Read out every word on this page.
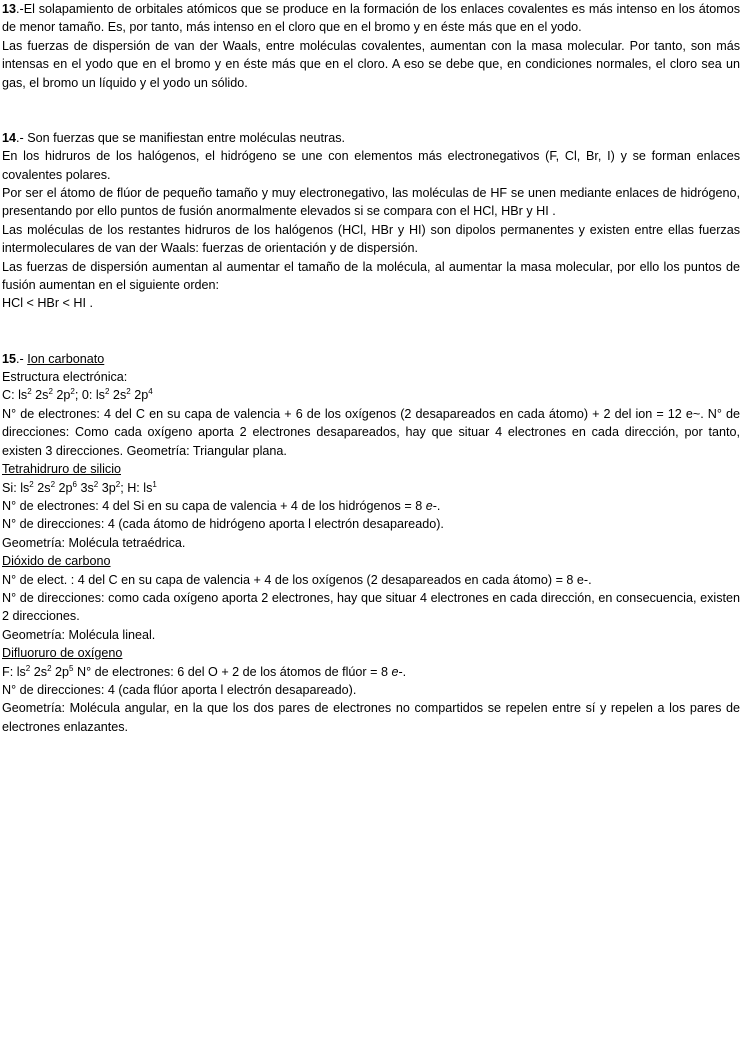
13.-El solapamiento de orbitales atómicos que se produce en la formación de los enlaces covalentes es más intenso en los átomos de menor tamaño. Es, por tanto, más intenso en el cloro que en el bromo y en éste más que en el yodo.

Las fuerzas de dispersión de van der Waals, entre moléculas covalentes, aumentan con la masa molecular. Por tanto, son más intensas en el yodo que en el bromo y en éste más que en el cloro. A eso se debe que, en condiciones normales, el cloro sea un gas, el bromo un líquido y el yodo un sólido.

14.- Son fuerzas que se manifiestan entre moléculas neutras.

En los hidruros de los halógenos, el hidrógeno se une con elementos más electronegativos (F, Cl, Br, I) y se forman enlaces covalentes polares.

Por ser el átomo de flúor de pequeño tamaño y muy electronegativo, las moléculas de HF se unen mediante enlaces de hidrógeno, presentando por ello puntos de fusión anormalmente elevados si se compara con el HCl, HBr y HI .

Las moléculas de los restantes hidruros de los halógenos (HCl, HBr y HI) son dipolos permanentes y existen entre ellas fuerzas intermoleculares de van der Waals: fuerzas de orientación y de dispersión.

Las fuerzas de dispersión aumentan al aumentar el tamaño de la molécula, al aumentar la masa molecular, por ello los puntos de fusión aumentan en el siguiente orden:

HCl < HBr < HI .

15.- Ion carbonato

Estructura electrónica:

C: $ls^2$ $2s^2$ $2p^2$; 0: $ls^2$ $2s^2$ $2p^4$

N° de electrones: 4 del C en su capa de valencia + 6 de los oxígenos (2 desapareados en cada átomo) + 2 del ion = 12 e~. N° de direcciones: Como cada oxígeno aporta 2 electrones desapareados, hay que situar 4 electrones en cada dirección, por tanto, existen 3 direcciones. Geometría: Triangular plana.

Tetrahidruro de silicio

Si: $ls^2$ $2s^2$ $2p^6$ $3s^2$ $3p^2$; H: $ls^1$

N° de electrones: 4 del Si en su capa de valencia + 4 de los hidrógenos = 8 e-.

N° de direcciones: 4 (cada átomo de hidrógeno aporta l electrón desapareado).

Geometría: Molécula tetraédrica.

Dióxido de carbono

N° de elect. : 4 del C en su capa de valencia + 4 de los oxígenos (2 desapareados en cada átomo) = 8 e-.

N° de direcciones: como cada oxígeno aporta 2 electrones, hay que situar 4 electrones en cada dirección, en consecuencia, existen 2 direcciones.

Geometría: Molécula lineal.

Difluoruro de oxígeno

F: $ls^2$ $2s^2$ $2p^5$ N° de electrones: 6 del O + 2 de los átomos de flúor = 8 e-.

N° de direcciones: 4 (cada flúor aporta l electrón desapareado).

Geometría: Molécula angular, en la que los dos pares de electrones no compartidos se repelen entre sí y repelen a los pares de electrones enlazantes.
